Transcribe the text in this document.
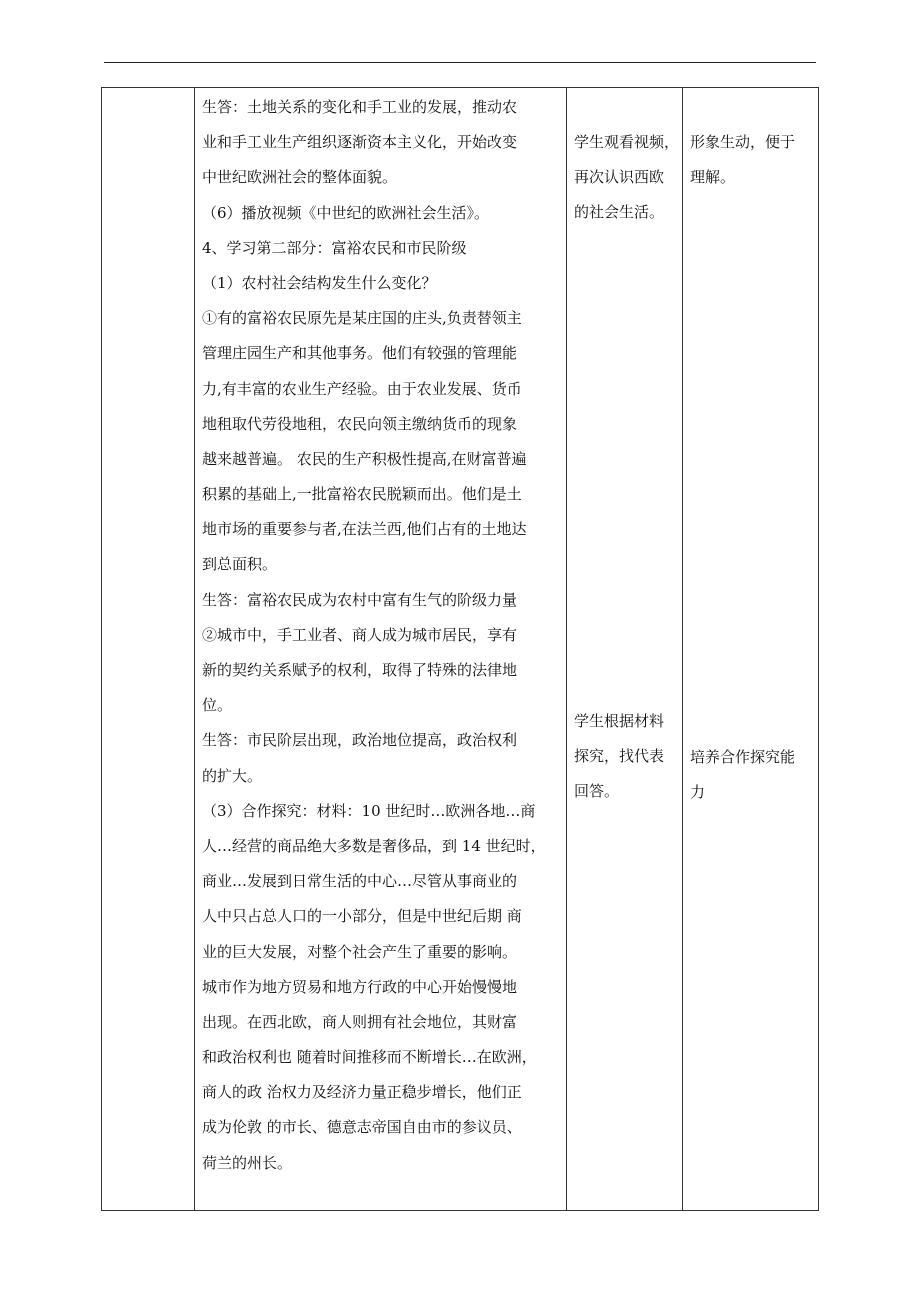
生答：土地关系的变化和手工业的发展，推动农
业和手工业生产组织逐渐资本主义化，开始改变
中世纪欧洲社会的整体面貌。
（6）播放视频《中世纪的欧洲社会生活》。
4、学习第二部分：富裕农民和市民阶级
（1）农村社会结构发生什么变化？
①有的富裕农民原先是某庄国的庄头,负责替领主
管理庄园生产和其他事务。他们有较强的管理能
力,有丰富的农业生产经验。由于农业发展、货币
地租取代劳役地租，农民向领主缴纳货币的现象
越来越普遍。 农民的生产积极性提高,在财富普遍
积累的基础上,一批富裕农民脱颖而出。他们是土
地市场的重要参与者,在法兰西,他们占有的土地达
到总面积。
生答：富裕农民成为农村中富有生气的阶级力量
②城市中，手工业者、商人成为城市居民，享有
新的契约关系赋予的权利，取得了特殊的法律地
位。
生答：市民阶层出现，政治地位提高，政治权利
的扩大。
（3）合作探究：材料：10 世纪时…欧洲各地…商
人…经营的商品绝大多数是奢侈品，到 14 世纪时，
商业…发展到日常生活的中心…尽管从事商业的
人中只占总人口的一小部分，但是中世纪后期 商
业的巨大发展，对整个社会产生了重要的影响。
城市作为地方贸易和地方行政的中心开始慢慢地
出现。在西北欧，商人则拥有社会地位，其财富
和政治权利也 随着时间推移而不断增长…在欧洲，
商人的政 治权力及经济力量正稳步增长，他们正
成为伦敦 的市长、德意志帝国自由市的参议员、
荷兰的州长。
学生观看视频，
再次认识西欧
的社会生活。
形象生动，便于
理解。
学生根据材料
探究，找代表
回答。
培养合作探究能
力
